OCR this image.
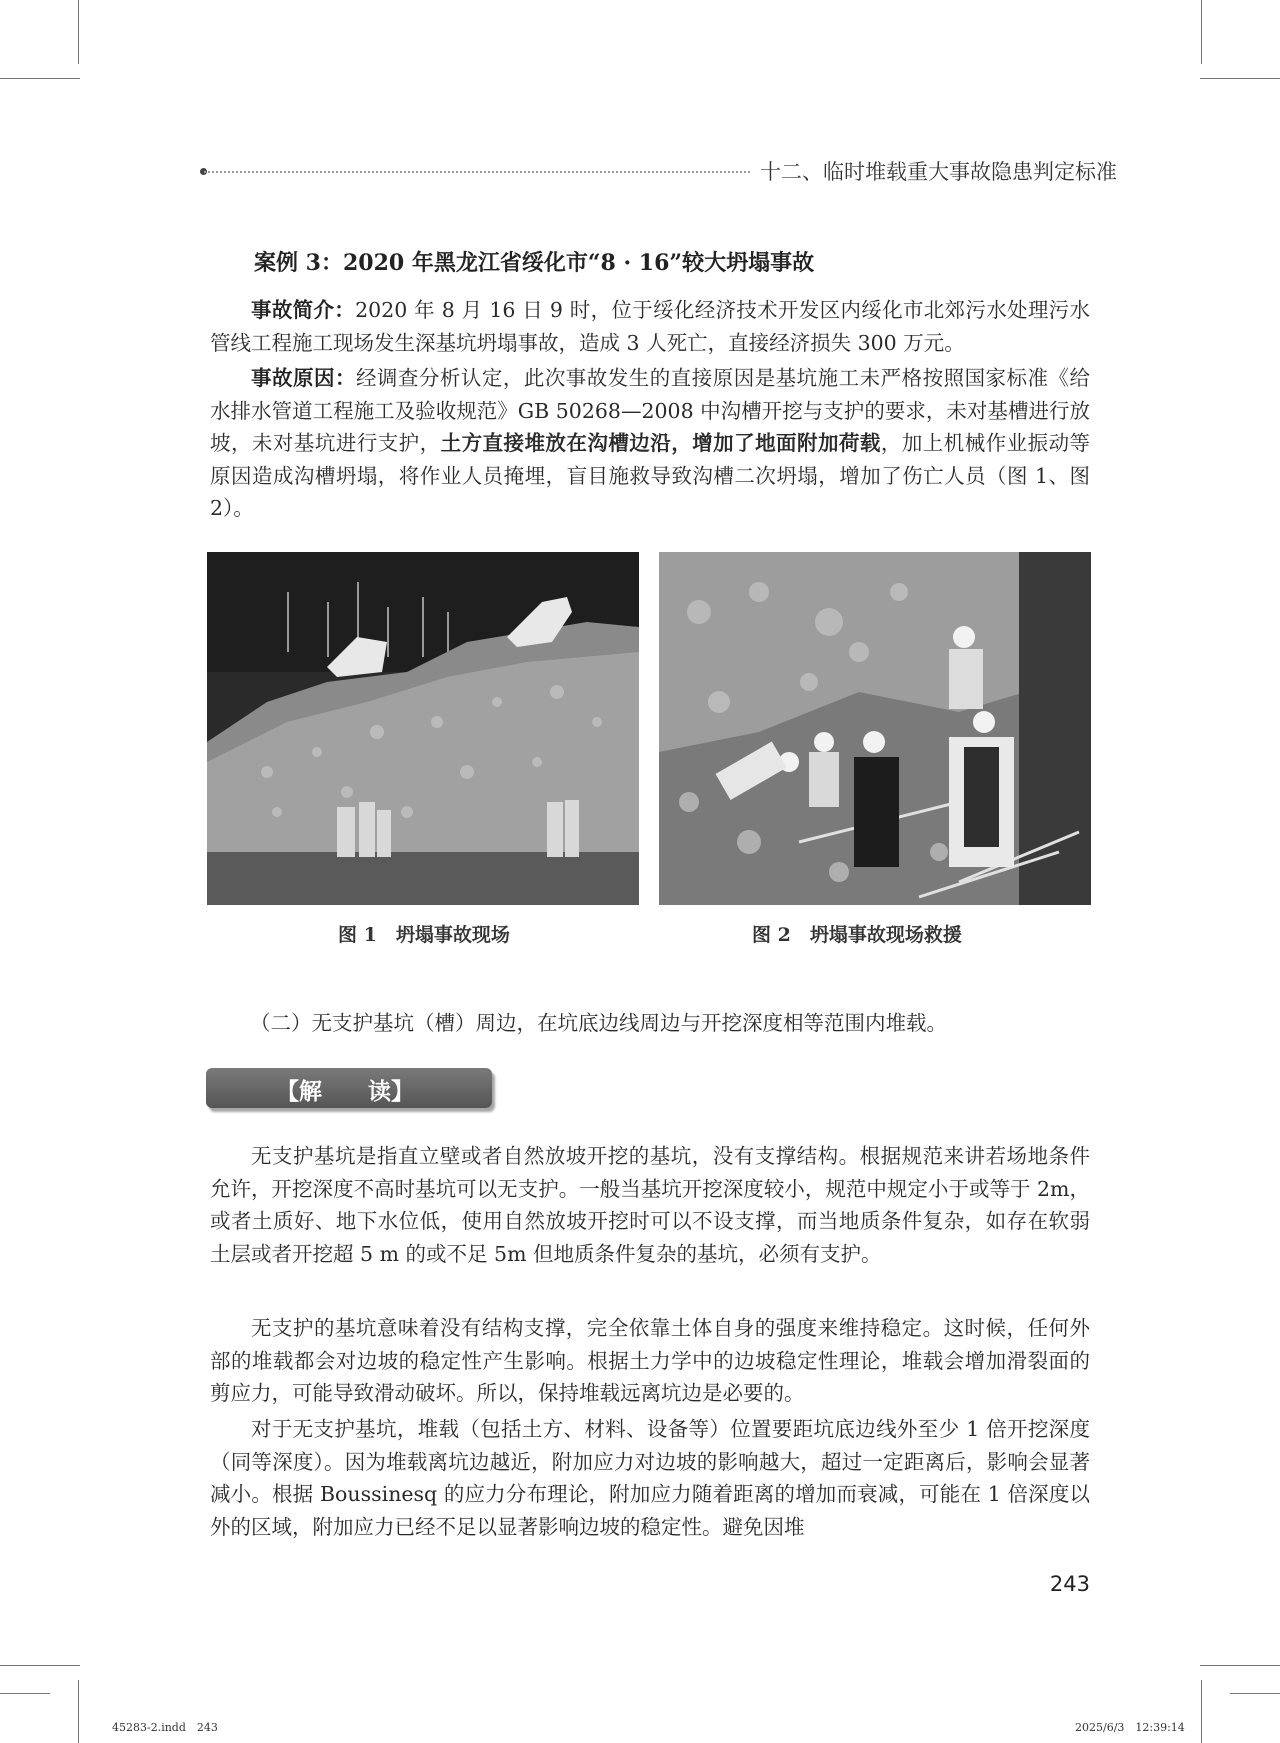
十二、临时堆载重大事故隐患判定标准
案例 3：2020 年黑龙江省绥化市“8 · 16”较大坍塌事故
事故简介：2020 年 8 月 16 日 9 时，位于绥化经济技术开发区内绥化市北郊污水处理污水管线工程施工现场发生深基坑坍塌事故，造成 3 人死亡，直接经济损失 300 万元。
事故原因：经调查分析认定，此次事故发生的直接原因是基坑施工未严格按照国家标准《给水排水管道工程施工及验收规范》GB 50268—2008 中沟槽开挖与支护的要求，未对基槽进行放坡，未对基坑进行支护，土方直接堆放在沟槽边沿，增加了地面附加荷载，加上机械作业振动等原因造成沟槽坍塌，将作业人员掩埋，盲目施救导致沟槽二次坍塌，增加了伤亡人员（图 1、图 2）。
图 1　坍塌事故现场	图 2　坍塌事故现场救援
（二）无支护基坑（槽）周边，在坑底边线周边与开挖深度相等范围内堆载。
【解　　读】
无支护基坑是指直立壁或者自然放坡开挖的基坑，没有支撑结构。根据规范来讲若场地条件允许，开挖深度不高时基坑可以无支护。一般当基坑开挖深度较小，规范中规定小于或等于 2m，或者土质好、地下水位低，使用自然放坡开挖时可以不设支撑，而当地质条件复杂，如存在软弱土层或者开挖超 5 m 的或不足 5m 但地质条件复杂的基坑，必须有支护。
无支护的基坑意味着没有结构支撑，完全依靠土体自身的强度来维持稳定。这时候，任何外部的堆载都会对边坡的稳定性产生影响。根据土力学中的边坡稳定性理论，堆载会增加滑裂面的剪应力，可能导致滑动破坏。所以，保持堆载远离坑边是必要的。
对于无支护基坑，堆载（包括土方、材料、设备等）位置要距坑底边线外至少 1 倍开挖深度（同等深度）。因为堆载离坑边越近，附加应力对边坡的影响越大，超过一定距离后，影响会显著减小。根据 Boussinesq 的应力分布理论，附加应力随着距离的增加而衰减，可能在 1 倍深度以外的区域，附加应力已经不足以显著影响边坡的稳定性。避免因堆
243
45283-2.indd　243	2025/6/3　12:39:14
